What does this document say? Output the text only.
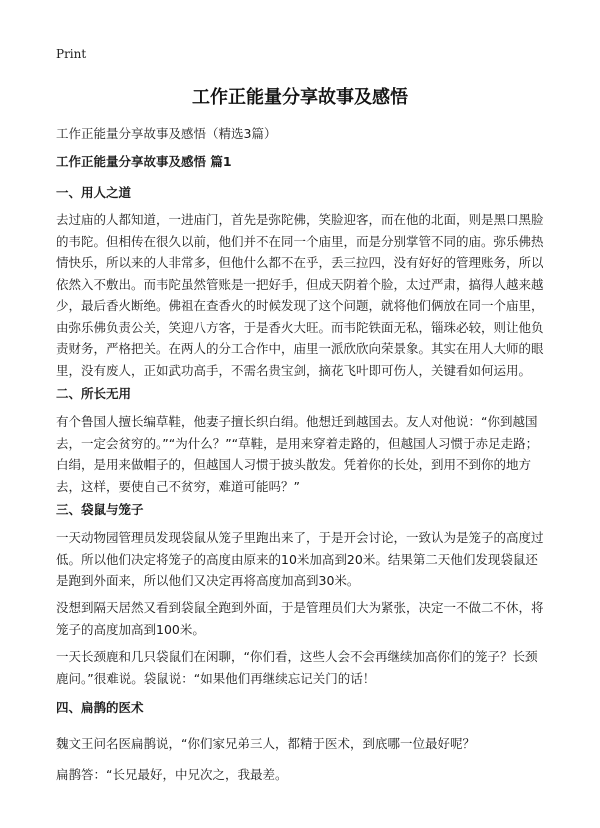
Print
工作正能量分享故事及感悟
工作正能量分享故事及感悟（精选3篇）
工作正能量分享故事及感悟 篇1
一、用人之道
去过庙的人都知道，一进庙门，首先是弥陀佛，笑脸迎客，而在他的北面，则是黑口黑脸的韦陀。但相传在很久以前，他们并不在同一个庙里，而是分别掌管不同的庙。弥乐佛热情快乐，所以来的人非常多，但他什么都不在乎，丢三拉四，没有好好的管理账务，所以依然入不敷出。而韦陀虽然管账是一把好手，但成天阴着个脸，太过严肃，搞得人越来越少，最后香火断绝。佛祖在查香火的时候发现了这个问题，就将他们俩放在同一个庙里，由弥乐佛负责公关，笑迎八方客，于是香火大旺。而韦陀铁面无私，锱珠必较，则让他负责财务，严格把关。在两人的分工合作中，庙里一派欣欣向荣景象。其实在用人大师的眼里，没有废人，正如武功高手，不需名贵宝剑，摘花飞叶即可伤人，关键看如何运用。
二、所长无用
有个鲁国人擅长编草鞋，他妻子擅长织白绢。他想迁到越国去。友人对他说：“你到越国去，一定会贫穷的。”“为什么？”“草鞋，是用来穿着走路的，但越国人习惯于赤足走路；白绢，是用来做帽子的，但越国人习惯于披头散发。凭着你的长处，到用不到你的地方去，这样，要使自己不贫穷，难道可能吗？”
三、袋鼠与笼子
一天动物园管理员发现袋鼠从笼子里跑出来了，于是开会讨论，一致认为是笼子的高度过低。所以他们决定将笼子的高度由原来的10米加高到20米。结果第二天他们发现袋鼠还是跑到外面来，所以他们又决定再将高度加高到30米。
没想到隔天居然又看到袋鼠全跑到外面，于是管理员们大为紧张，决定一不做二不休，将笼子的高度加高到100米。
一天长颈鹿和几只袋鼠们在闲聊，“你们看，这些人会不会再继续加高你们的笼子？长颈鹿问。”很难说。袋鼠说：“如果他们再继续忘记关门的话！
四、扁鹊的医术
魏文王问名医扁鹊说，“你们家兄弟三人，都精于医术，到底哪一位最好呢？
扁鹊答：“长兄最好，中兄次之，我最差。
